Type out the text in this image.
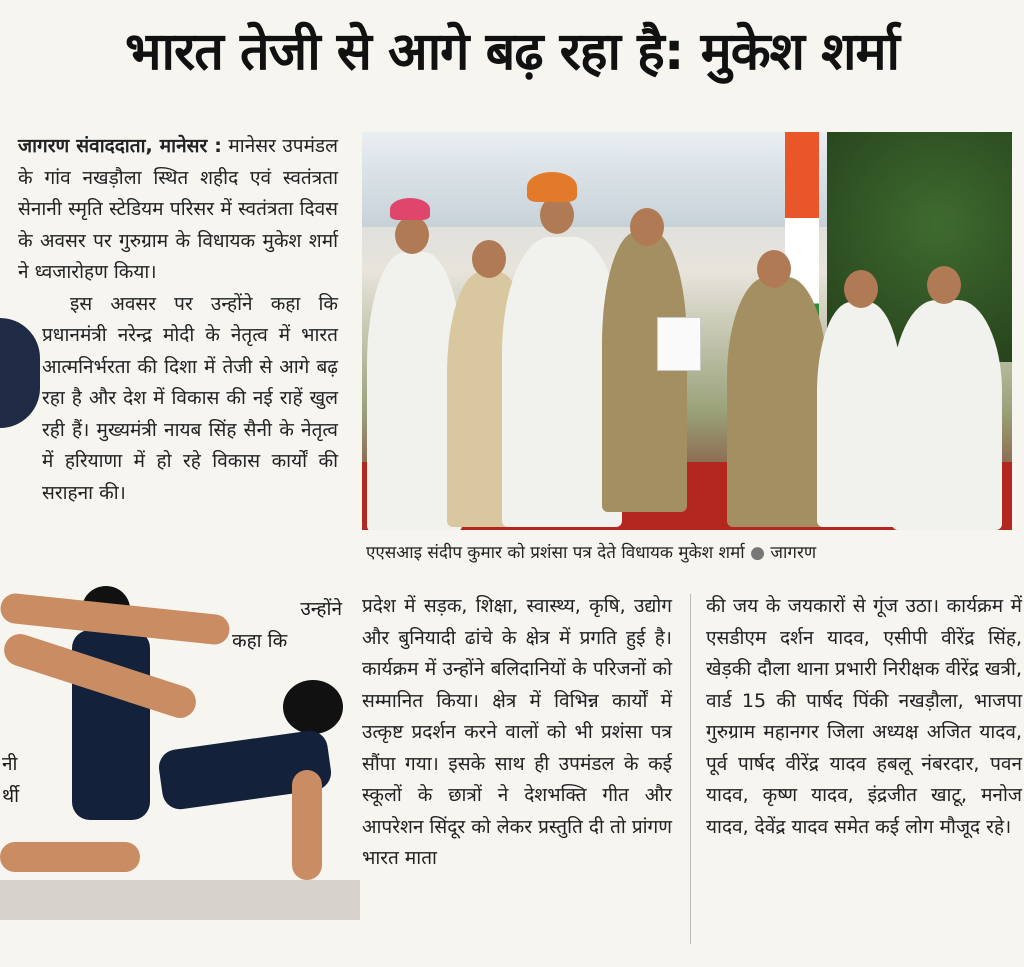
भारत तेजी से आगे बढ़ रहा है: मुकेश शर्मा

जागरण संवाददाता, मानेसर : मानेसर उपमंडल के गांव नखड़ौला स्थित शहीद एवं स्वतंत्रता सेनानी स्मृति स्टेडियम परिसर में स्वतंत्रता दिवस के अवसर पर गुरुग्राम के विधायक मुकेश शर्मा ने ध्वजारोहण किया।

इस अवसर पर उन्होंने कहा कि प्रधानमंत्री नरेन्द्र मोदी के नेतृत्व में भारत आत्मनिर्भरता की दिशा में तेजी से आगे बढ़ रहा है और देश में विकास की नई राहें खुल रही हैं। मुख्यमंत्री नायब सिंह सैनी के नेतृत्व में हरियाणा में हो रहे विकास कार्यों की सराहना की।

उन्होंने
कहा कि
एएसआइ संदीप कुमार को प्रशंसा पत्र देते विधायक मुकेश शर्मा ● जागरण
नी
र्थी
प्रदेश में सड़क, शिक्षा, स्वास्थ्य, कृषि, उद्योग और बुनियादी ढांचे के क्षेत्र में प्रगति हुई है। कार्यक्रम में उन्होंने बलिदानियों के परिजनों को सम्मानित किया। क्षेत्र में विभिन्न कार्यों में उत्कृष्ट प्रदर्शन करने वालों को भी प्रशंसा पत्र सौंपा गया। इसके साथ ही उपमंडल के कई स्कूलों के छात्रों ने देशभक्ति गीत और आपरेशन सिंदूर को लेकर प्रस्तुति दी तो प्रांगण भारत माता
की जय के जयकारों से गूंज उठा। कार्यक्रम में एसडीएम दर्शन यादव, एसीपी वीरेंद्र सिंह, खेड़की दौला थाना प्रभारी निरीक्षक वीरेंद्र खत्री, वार्ड 15 की पार्षद पिंकी नखड़ौला, भाजपा गुरुग्राम महानगर जिला अध्यक्ष अजित यादव, पूर्व पार्षद वीरेंद्र यादव हबलू नंबरदार, पवन यादव, कृष्ण यादव, इंद्रजीत खाटू, मनोज यादव, देवेंद्र यादव समेत कई लोग मौजूद रहे।
